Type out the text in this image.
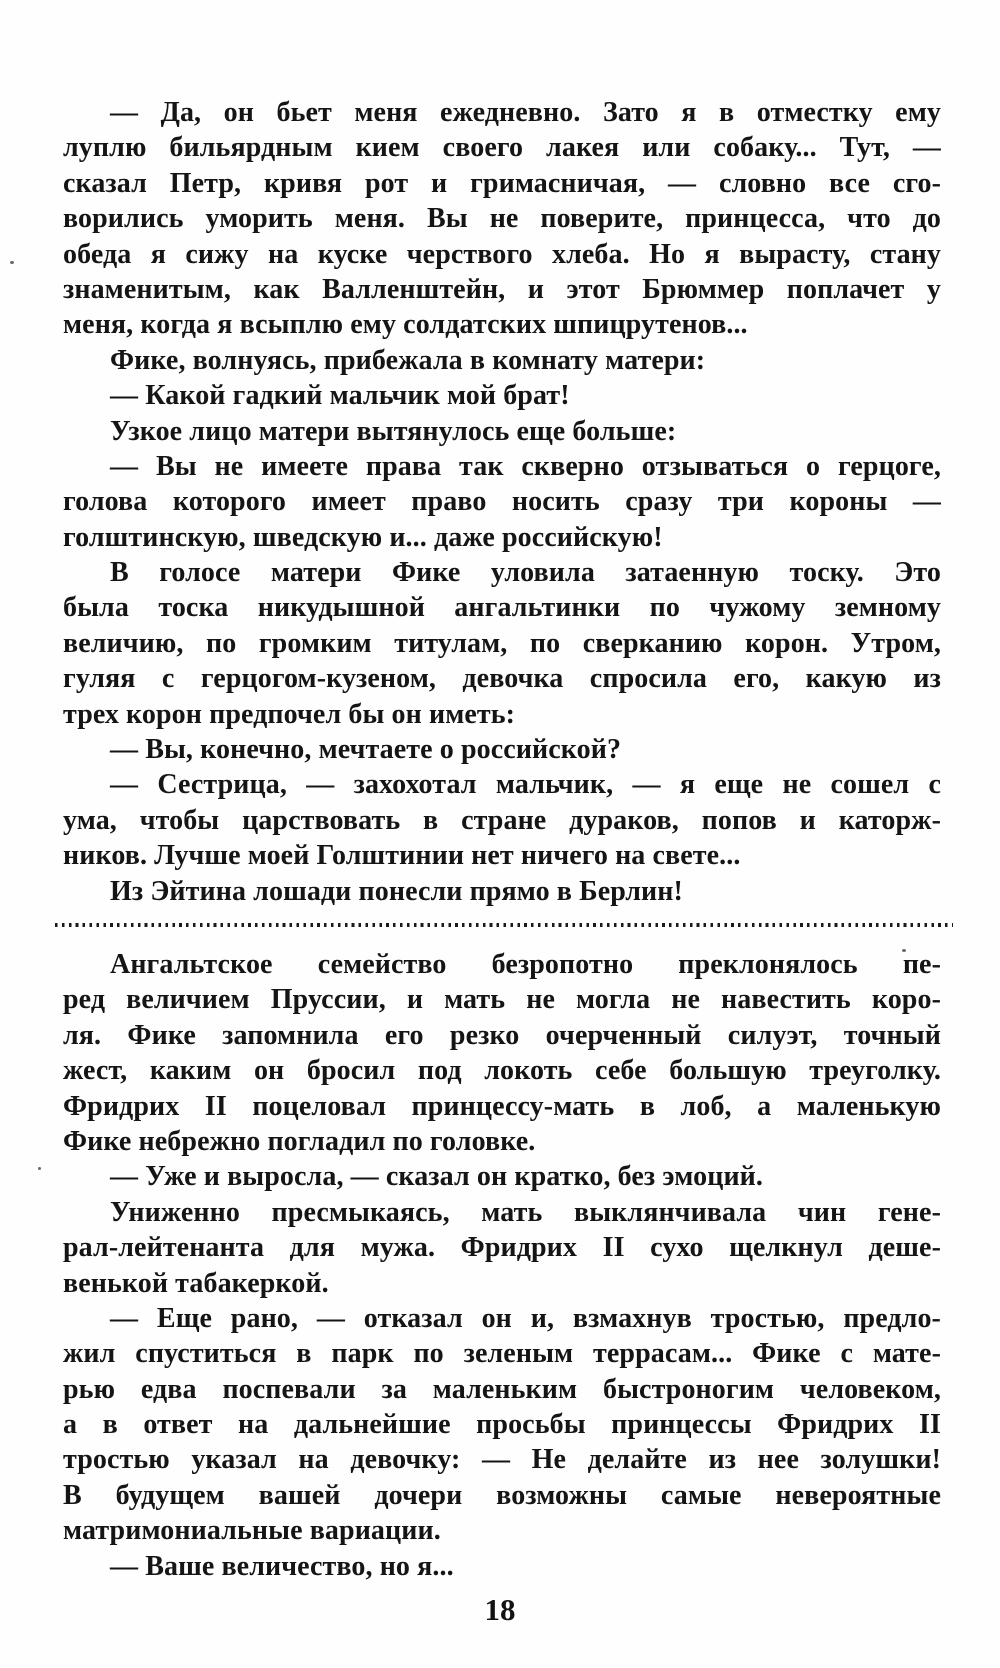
— Да, он бьет меня ежедневно. Зато я в отместку ему
луплю бильярдным кием своего лакея или собаку... Тут, —
сказал Петр, кривя рот и гримасничая, — словно все сго-
ворились уморить меня. Вы не поверите, принцесса, что до
обеда я сижу на куске черствого хлеба. Но я вырасту, стану
знаменитым, как Валленштейн, и этот Брюммер поплачет у
меня, когда я всыплю ему солдатских шпицрутенов...
Фике, волнуясь, прибежала в комнату матери:
— Какой гадкий мальчик мой брат!
Узкое лицо матери вытянулось еще больше:
— Вы не имеете права так скверно отзываться о герцоге,
голова которого имеет право носить сразу три короны —
голштинскую, шведскую и... даже российскую!
В голосе матери Фике уловила затаенную тоску. Это
была тоска никудышной ангальтинки по чужому земному
величию, по громким титулам, по сверканию корон. Утром,
гуляя с герцогом-кузеном, девочка спросила его, какую из
трех корон предпочел бы он иметь:
— Вы, конечно, мечтаете о российской?
— Сестрица, — захохотал мальчик, — я еще не сошел с
ума, чтобы царствовать в стране дураков, попов и каторж-
ников. Лучше моей Голштинии нет ничего на свете...
Из Эйтина лошади понесли прямо в Берлин!
Ангальтское семейство безропотно преклонялось пе-
ред величием Пруссии, и мать не могла не навестить коро-
ля. Фике запомнила его резко очерченный силуэт, точный
жест, каким он бросил под локоть себе большую треуголку.
Фридрих II поцеловал принцессу-мать в лоб, а маленькую
Фике небрежно погладил по головке.
— Уже и выросла, — сказал он кратко, без эмоций.
Униженно пресмыкаясь, мать выклянчивала чин гене-
рал-лейтенанта для мужа. Фридрих II сухо щелкнул деше-
венькой табакеркой.
— Еще рано, — отказал он и, взмахнув тростью, предло-
жил спуститься в парк по зеленым террасам... Фике с мате-
рью едва поспевали за маленьким быстроногим человеком,
а в ответ на дальнейшие просьбы принцессы Фридрих II
тростью указал на девочку: — Не делайте из нее золушки!
В будущем вашей дочери возможны самые невероятные
матримониальные вариации.
— Ваше величество, но я...
18
